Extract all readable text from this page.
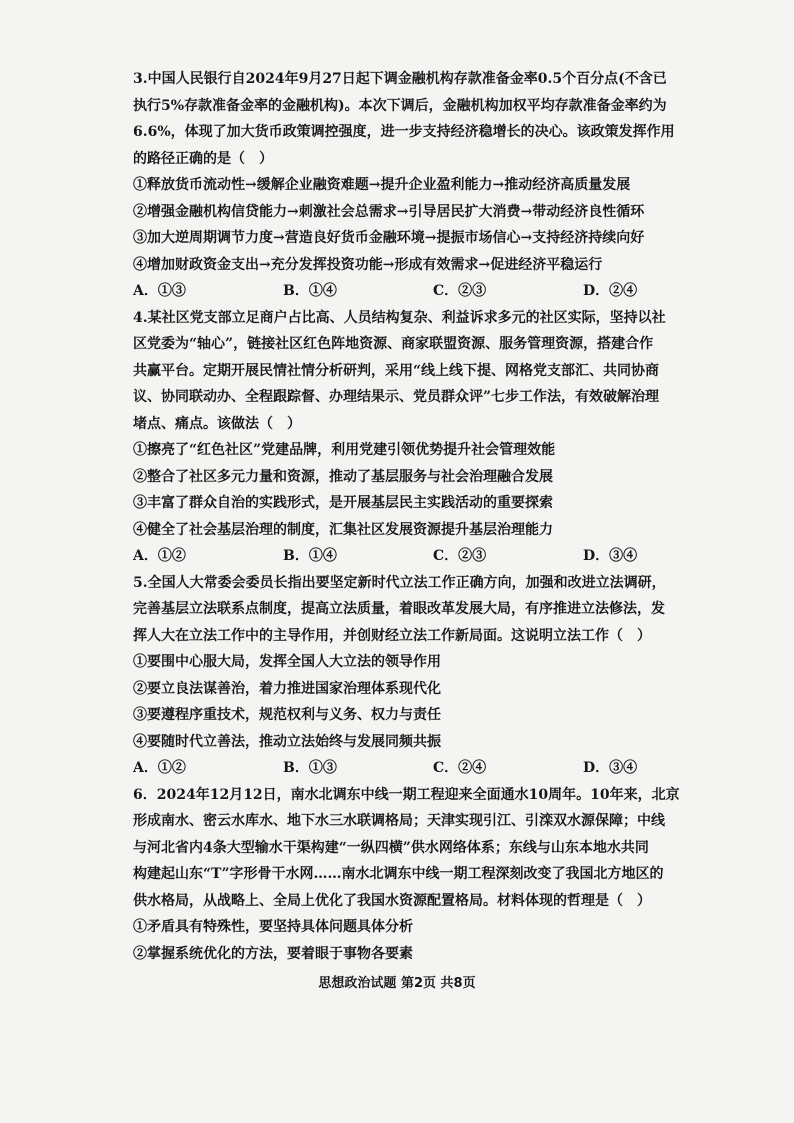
3.中国人民银行自2024年9月27日起下调金融机构存款准备金率0.5个百分点(不含已

执行5%存款准备金率的金融机构)。本次下调后，金融机构加权平均存款准备金率约为

6.6%，体现了加大货币政策调控强度，进一步支持经济稳增长的决心。该政策发挥作用

的路径正确的是（　）

①释放货币流动性→缓解企业融资难题→提升企业盈利能力→推动经济高质量发展

②增强金融机构信贷能力→刺激社会总需求→引导居民扩大消费→带动经济良性循环

③加大逆周期调节力度→营造良好货币金融环境→提振市场信心→支持经济持续向好

④增加财政资金支出→充分发挥投资功能→形成有效需求→促进经济平稳运行

A．①③	B．①④	C．②③	D．②④

4.某社区党支部立足商户占比高、人员结构复杂、利益诉求多元的社区实际，坚持以社

区党委为“轴心”，链接社区红色阵地资源、商家联盟资源、服务管理资源，搭建合作

共赢平台。定期开展民情社情分析研判，采用“线上线下提、网格党支部汇、共同协商

议、协同联动办、全程跟踪督、办理结果示、党员群众评”七步工作法，有效破解治理

堵点、痛点。该做法（　）

①擦亮了“红色社区”党建品牌，利用党建引领优势提升社会管理效能

②整合了社区多元力量和资源，推动了基层服务与社会治理融合发展

③丰富了群众自治的实践形式，是开展基层民主实践活动的重要探索

④健全了社会基层治理的制度，汇集社区发展资源提升基层治理能力

A．①②	B．①④	C．②③	D．③④

5.全国人大常委会委员长指出要坚定新时代立法工作正确方向，加强和改进立法调研，

完善基层立法联系点制度，提高立法质量，着眼改革发展大局，有序推进立法修法，发

挥人大在立法工作中的主导作用，并创财经立法工作新局面。这说明立法工作（　）

①要围中心服大局，发挥全国人大立法的领导作用

②要立良法谋善治，着力推进国家治理体系现代化

③要遵程序重技术，规范权利与义务、权力与责任

④要随时代立善法，推动立法始终与发展同频共振

A．①②	B．①③	C．②④	D．③④

6．2024年12月12日，南水北调东中线一期工程迎来全面通水10周年。10年来，北京

形成南水、密云水库水、地下水三水联调格局；天津实现引江、引滦双水源保障；中线

与河北省内4条大型输水干渠构建“一纵四横”供水网络体系；东线与山东本地水共同

构建起山东“T”字形骨干水网……南水北调东中线一期工程深刻改变了我国北方地区的

供水格局，从战略上、全局上优化了我国水资源配置格局。材料体现的哲理是（　）

①矛盾具有特殊性，要坚持具体问题具体分析

②掌握系统优化的方法，要着眼于事物各要素

思想政治试题 第2页 共8页
